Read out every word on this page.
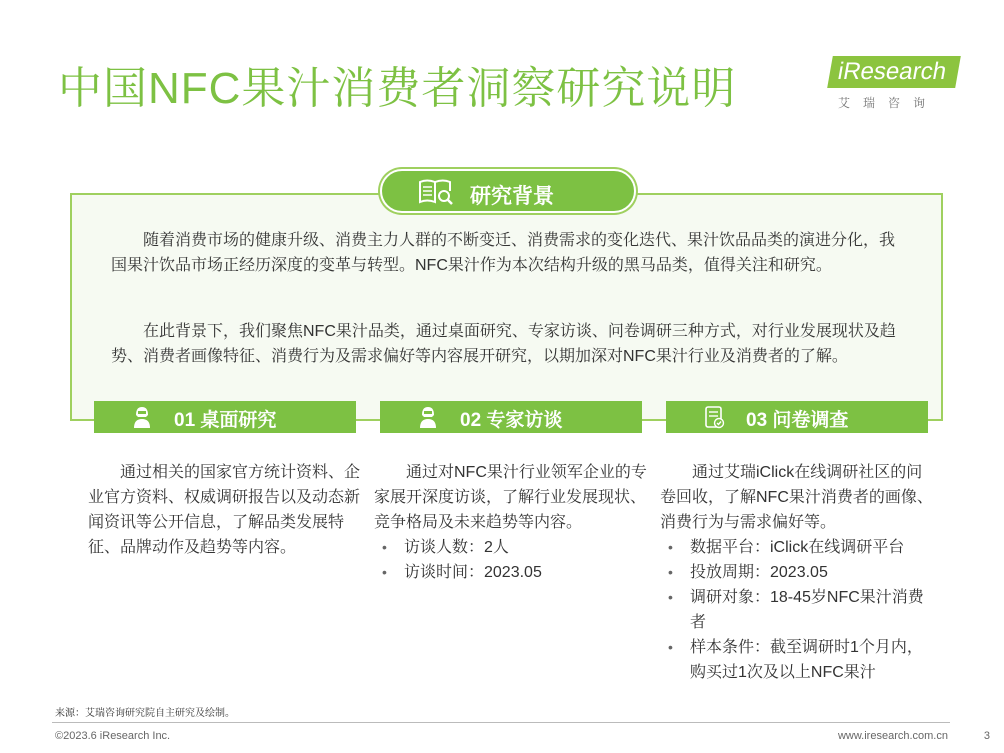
中国NFC果汁消费者洞察研究说明	iResearch
艾瑞咨询
研究背景
随着消费市场的健康升级、消费主力人群的不断变迁、消费需求的变化迭代、果汁饮品品类的演进分化，我国果汁饮品市场正经历深度的变革与转型。NFC果汁作为本次结构升级的黑马品类，值得关注和研究。
在此背景下，我们聚焦NFC果汁品类，通过桌面研究、专家访谈、问卷调研三种方式，对行业发展现状及趋势、消费者画像特征、消费行为及需求偏好等内容展开研究，以期加深对NFC果汁行业及消费者的了解。
01 桌面研究	02 专家访谈	03 问卷调查
通过相关的国家官方统计资料、企业官方资料、权威调研报告以及动态新闻资讯等公开信息，了解品类发展特征、品牌动作及趋势等内容。
通过对NFC果汁行业领军企业的专家展开深度访谈，了解行业发展现状、竞争格局及未来趋势等内容。
• 访谈人数：2人
• 访谈时间：2023.05
通过艾瑞iClick在线调研社区的问卷回收，了解NFC果汁消费者的画像、消费行为与需求偏好等。
• 数据平台：iClick在线调研平台
• 投放周期：2023.05
• 调研对象：18-45岁NFC果汁消费者
• 样本条件：截至调研时1个月内，购买过1次及以上NFC果汁
来源：艾瑞咨询研究院自主研究及绘制。
©2023.6 iResearch Inc.	www.iresearch.com.cn	3
